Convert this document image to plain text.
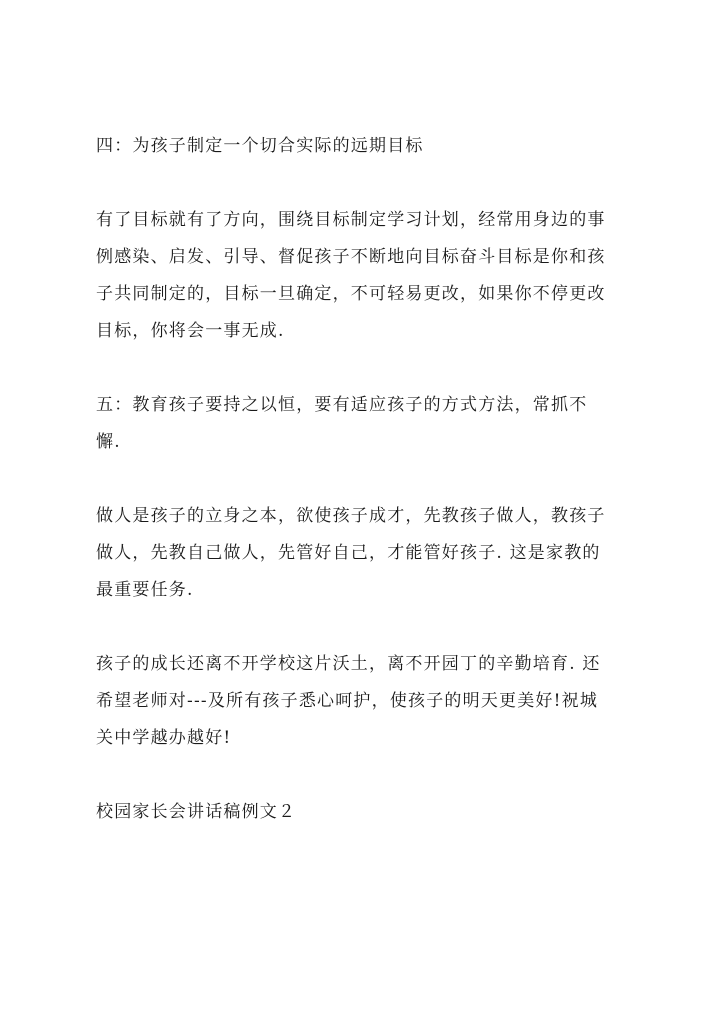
四：为孩子制定一个切合实际的远期目标

有了目标就有了方向，围绕目标制定学习计划，经常用身边的事
例感染、启发、引导、督促孩子不断地向目标奋斗目标是你和孩
子共同制定的，目标一旦确定，不可轻易更改，如果你不停更改
目标，你将会一事无成.

五：教育孩子要持之以恒，要有适应孩子的方式方法，常抓不
懈.

做人是孩子的立身之本，欲使孩子成才，先教孩子做人，教孩子
做人，先教自己做人，先管好自己，才能管好孩子. 这是家教的
最重要任务.

孩子的成长还离不开学校这片沃土，离不开园丁的辛勤培育. 还
希望老师对---及所有孩子悉心呵护，使孩子的明天更美好!祝城
关中学越办越好!

校园家长会讲话稿例文２
